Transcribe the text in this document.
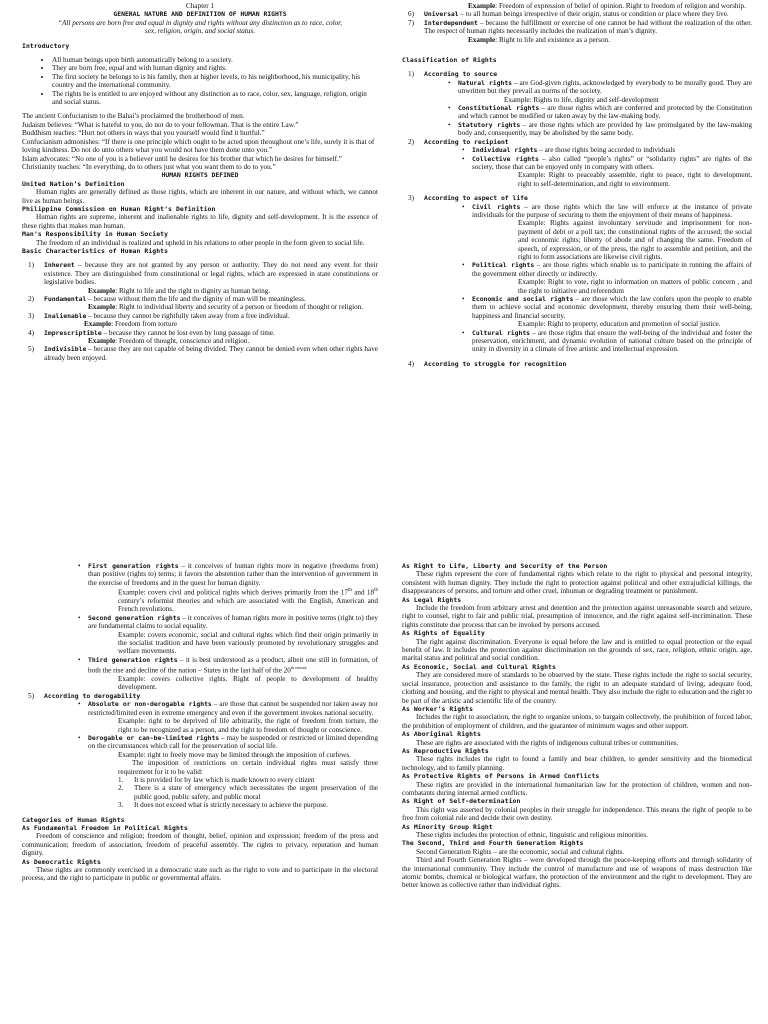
Chapter 1

GENERAL NATURE AND DEFINITION OF HUMAN RIGHTS

“All persons are born free and equal in dignity and rights without any distinction as to race, color, sex, religion, origin, and social status.

Introductory

• All human beings upon birth automatically belong to a society.
• They are born free, equal and with human dignity and rights.
• The first society he belongs to is his family, then at higher levels, to his neighborhood, his municipality, his country and the international community.
• The rights he is entitled to are enjoyed without any distinction as to race, color, sex, language, religion, origin and social status.

The ancient Confucianism to the Bahai’s proclaimed the brotherhood of men.

Judaism believes: “What is hateful to you, do not do to your fellowman. That is the entire Law.”

Buddhism teaches: “Hurt not others in ways that you yourself would find it hurtful.”

Confucianism admonishes: “If there is one principle which ought to be acted upon throughout one’s life, surely it is that of loving kindness. Do not do unto others what you would not have them done unto you.”

Islam advocates: “No one of you is a believer until he desires for his brother that which he desires for himself.”

Christianity teaches: “In everything, do to others just what you want them to do to you.”

HUMAN RIGHTS DEFINED

United Nation’s Definition

Human rights are generally defined as those rights, which are inherent in our nature, and without which, we cannot live as human beings.

Philippine Commission on Human Right’s Definition

Human rights are supreme, inherent and inalienable rights to life, dignity and self-development. It is the essence of these rights that makes man human.

Man’s Responsibility in Human Society

The freedom of an individual is realized and upheld in his relations to other people in the form given to social life.

Basic Characteristics of Human Rights

1) Inherent – because they are not granted by any person or authority. They do not need any event for their existence. They are distinguished from constitutional or legal rights, which are expressed in state constitutions or legislative bodies.

Example: Right to life and the right to dignity as human being.

2) Fundamental – because without them the life and the dignity of man will be meaningless.

Example: Right to individual liberty and security of a person or freedom of thought or religion.

3) Inalienable – because they cannot be rightfully taken away from a free individual.

Example: Freedom from torture

4) Imprescriptible – because they cannot be lost even by long passage of time.

Example: Freedom of thought, conscience and religion.

5) Indivisible – because they are not capable of being divided. They cannot be denied even when other rights have already been enjoyed.

Example: Freedom of expression of belief of opinion. Right to freedom of religion and worship.

6) Universal – to all human beings irrespective of their origin, status or condition or place where they live.
7) Interdependent – because the fulfillment or exercise of one cannot be had without the realization of the other. The respect of human rights necessarily includes the realization of man’s dignity.

Example: Right to life and existence as a person.

Classification of Rights

1) According to source

• Natural rights – are God-given rights, acknowledged by everybody to be morally good. They are unwritten but they prevail as norms of the society.

Example: Rights to life, dignity and self-development

• Constitutional rights – are those rights which are conferred and protected by the Constitution and which cannot be modified or taken away by the law-making body.
• Statutory rights – are those rights which are provided by law promulgated by the law-making body and, consequently, may be abolished by the same body.

2) According to recipient

• Individual rights – are those rights being accorded to individuals
• Collective rights – also called “people’s rights” or “solidarity rights” are rights of the society, those that can be enjoyed only in company with others.

Example: Right to peaceably assemble, right to peace, right to development, right to self-determination, and right to environment.

3) According to aspect of life

• Civil rights – are those rights which the law will enforce at the instance of private individuals for the purpose of securing to them the enjoyment of their means of happiness.

Example: Rights against involuntary servitude and imprisonment for non-payment of debt or a poll tax; the constitutional rights of the accused; the social and economic rights; liberty of abode and of changing the same. Freedom of speech, of expression, or of the press, the right to assemble and petition, and the right to form associations are likewise civil rights.

• Political rights – are those rights which enable us to participate in running the affairs of the government either directly or indirectly.

Example: Right to vote, right to information on matters of public concern , and the right to initiative and referendum

• Economic and social rights – are those which the law confers upon the people to enable them to achieve social and economic development, thereby ensuring them their well-being, happiness and financial security.

Example: Right to property, education and promotion of social justice.

• Cultural rights – are those rights that ensure the well-being of the individual and foster the preservation, enrichment, and dynamic evolution of national culture based on the principle of unity in diversity in a climate of free artistic and intellectual expression.

4) According to struggle for recognition

• First generation rights – it conceives of human rights more in negative (freedoms from) than positive (rights to) terms; it favors the abstention rather than the intervention of government in the exercise of freedoms and in the quest for human dignity.

Example: covers civil and political rights which derives primarily from the 17th and 18th century’s reformist theories and which are associated with the English, American and French revolutions.

• Second generation rights – it conceives of human rights more in positive terms (right to) they are fundamental claims to social equality.

Example: covers economic, social and cultural rights which find their origin primarily in the socialist tradition and have been variously promoted by revolutionary struggles and welfare movements.

• Third generation rights – it is best understood as a product, albeit one still in formation, of both the rise and decline of the nation – States in the last half of the $20^{th century}$

Example: covers collective rights. Right of people to development of healthy development.

5) According to derogability

• Absolute or non-derogable rights – are those that cannot be suspended nor taken away nor restricted/limited even in extreme emergency and even if the government invokes national security.

Example: right to be deprived of life arbitrarily, the right of freedom from torture, the right to be recognized as a person, and the right to freedom of thought or conscience.

• Derogable or can-be-limited rights – may be suspended or restricted or limited depending on the circumstances which call for the preservation of social life.

Example: right to freely move may be limited through the imposition of curfews.

The imposition of restrictions on certain individual rights must satisfy three requirement for it to be valid:

1. It is provided for by law which is made known to every citizen
2. There is a state of emergency which necessitates the urgent preservation of the public good, public safety, and public moral
3. It does not exceed what is strictly necessary to achieve the purpose.

Categories of Human Rights

As Fundamental Freedom in Political Rights

Freedom of conscience and religion; freedom of thought, belief, opinion and expression; freedom of the press and communication; freedom of association, freedom of peaceful assembly. The rights to privacy, reputation and human dignity.

As Democratic Rights

These rights are commonly exercised in a democratic state such as the right to vote and to participate in the electoral process, and the right to participate in public or governmental affairs.

As Right to Life, Liberty and Security of the Person

These rights represent the core of fundamental rights which relate to the right to physical and personal integrity, consistent with human dignity. They include the right to protection against political and other extrajudicial killings, the disappearances of persons, and torture and other cruel, inhuman or degrading treatment or punishment.

As Legal Rights

Include the freedom from arbitrary arrest and detention and the protection against unreasonable search and seizure, right to counsel, right to fair and public trial, presumption of innocence, and the right against self-incrimination. These rights constitute due process that can be invoked by persons accused.

As Rights of Equality

The right against discrimination. Everyone is equal before the law and is entitled to equal protection or the equal benefit of law. It includes the protection against discrimination on the grounds of sex, race, religion, ethnic origin, age, marital status and political and social condition.

As Economic, Social and Cultural Rights

They are considered more of standards to be observed by the state. These rights include the right to social security, social insurance, protection and assistance to the family, the right to an adequate standard of living, adequate food, clothing and housing, and the right to physical and mental health. They also include the right to education and the right to be part of the artistic and scientific life of the country.

As Worker’s Rights

Includes the right to association, the right to organize unions, to bargain collectively, the prohibition of forced labor, the prohibition of employment of children, and the guarantee of minimum wages and other support.

As Aboriginal Rights

These are rights are associated with the rights of indigenous cultural tribes or communities.

As Reproductive Rights

These rights includes the right to found a family and bear children, to gender sensitivity and the biomedical technology, and to family planning.

As Protective Rights of Persons in Armed Conflicts

These rights are provided in the international humanitarian law for the protection of children, women and non-combatants during internal armed conflicts.

As Right of Self-determination

This right was asserted by colonial peoples in their struggle for independence. This means the right of people to be free from colonial rule and decide their own destiny.

As Minority Group Right

These rights includes the protection of ethnic, linguistic and religious minorities.

The Second, Third and Fourth Generation Rights

Second Generation Rights – are the economic, social and cultural rights.

Third and Fourth Generation Rights – were developed through the peace-keeping efforts and through solidarity of the international community. They include the control of manufacture and use of weapons of mass destruction like atomic bombs, chemical or biological warfare, the protection of the environment and the right to development. They are better known as collective rather than individual rights.
